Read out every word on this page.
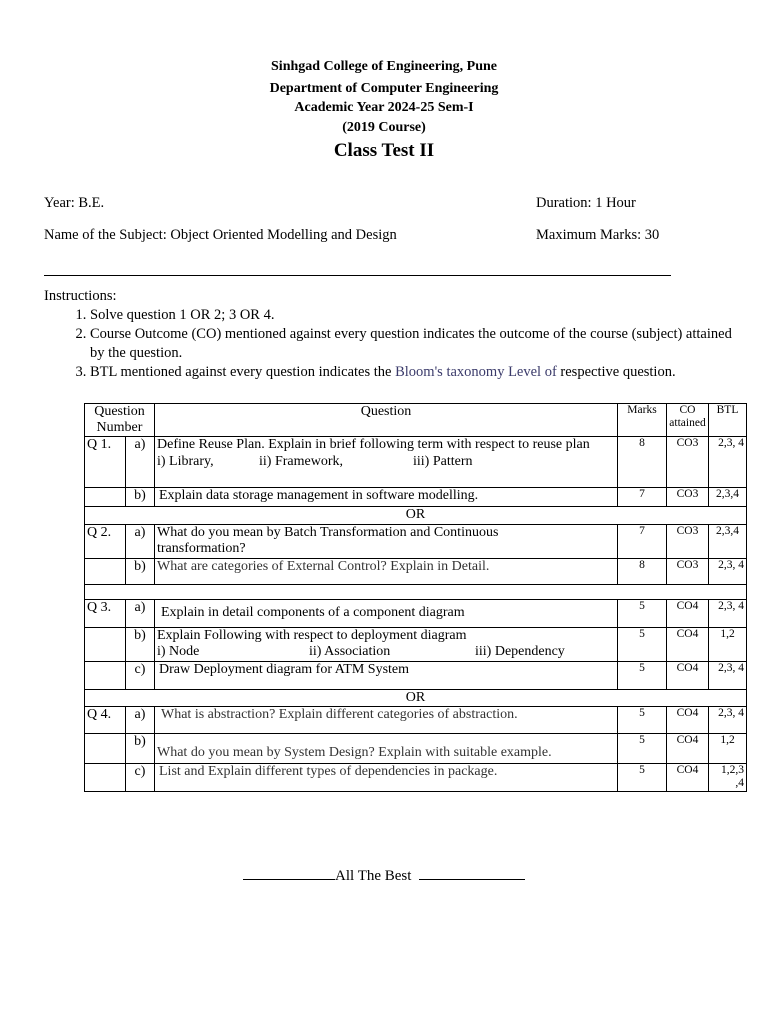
Sinhgad College of Engineering, Pune
Department of Computer Engineering
Academic Year 2024-25 Sem-I
(2019 Course)
Class Test II
Year: B.E.	Duration: 1 Hour
Name of the Subject: Object Oriented Modelling and Design	Maximum Marks: 30
Instructions:
1. Solve question 1 OR 2; 3 OR 4.
2. Course Outcome (CO) mentioned against every question indicates the outcome of the course (subject) attained by the question.
3. BTL mentioned against every question indicates the Bloom's taxonomy Level of respective question.
Question Number		Question	Marks	CO attained	BTL
Q 1.	a)	Define Reuse Plan. Explain in brief following term with respect to reuse plan
i) Library, ii) Framework, iii) Pattern	8	CO3	2,3, 4
	b)	Explain data storage management in software modelling.	7	CO3	2,3,4
OR					
Q 2.	a)	What do you mean by Batch Transformation and Continuous transformation?	7	CO3	2,3,4
	b)	What are categories of External Control? Explain in Detail.	8	CO3	2,3, 4

Q 3.	a)	Explain in detail components of a component diagram	5	CO4	2,3, 4
	b)	Explain Following with respect to deployment diagram
i) Node ii) Association iii) Dependency	5	CO4	1,2
	c)	Draw Deployment diagram for ATM System	5	CO4	2,3, 4
OR					
Q 4.	a)	What is abstraction? Explain different categories of abstraction.	5	CO4	2,3, 4
	b)	What do you mean by System Design? Explain with suitable example.	5	CO4	1,2
	c)	List and Explain different types of dependencies in package.	5	CO4	1,2,3 ,4
All The Best
